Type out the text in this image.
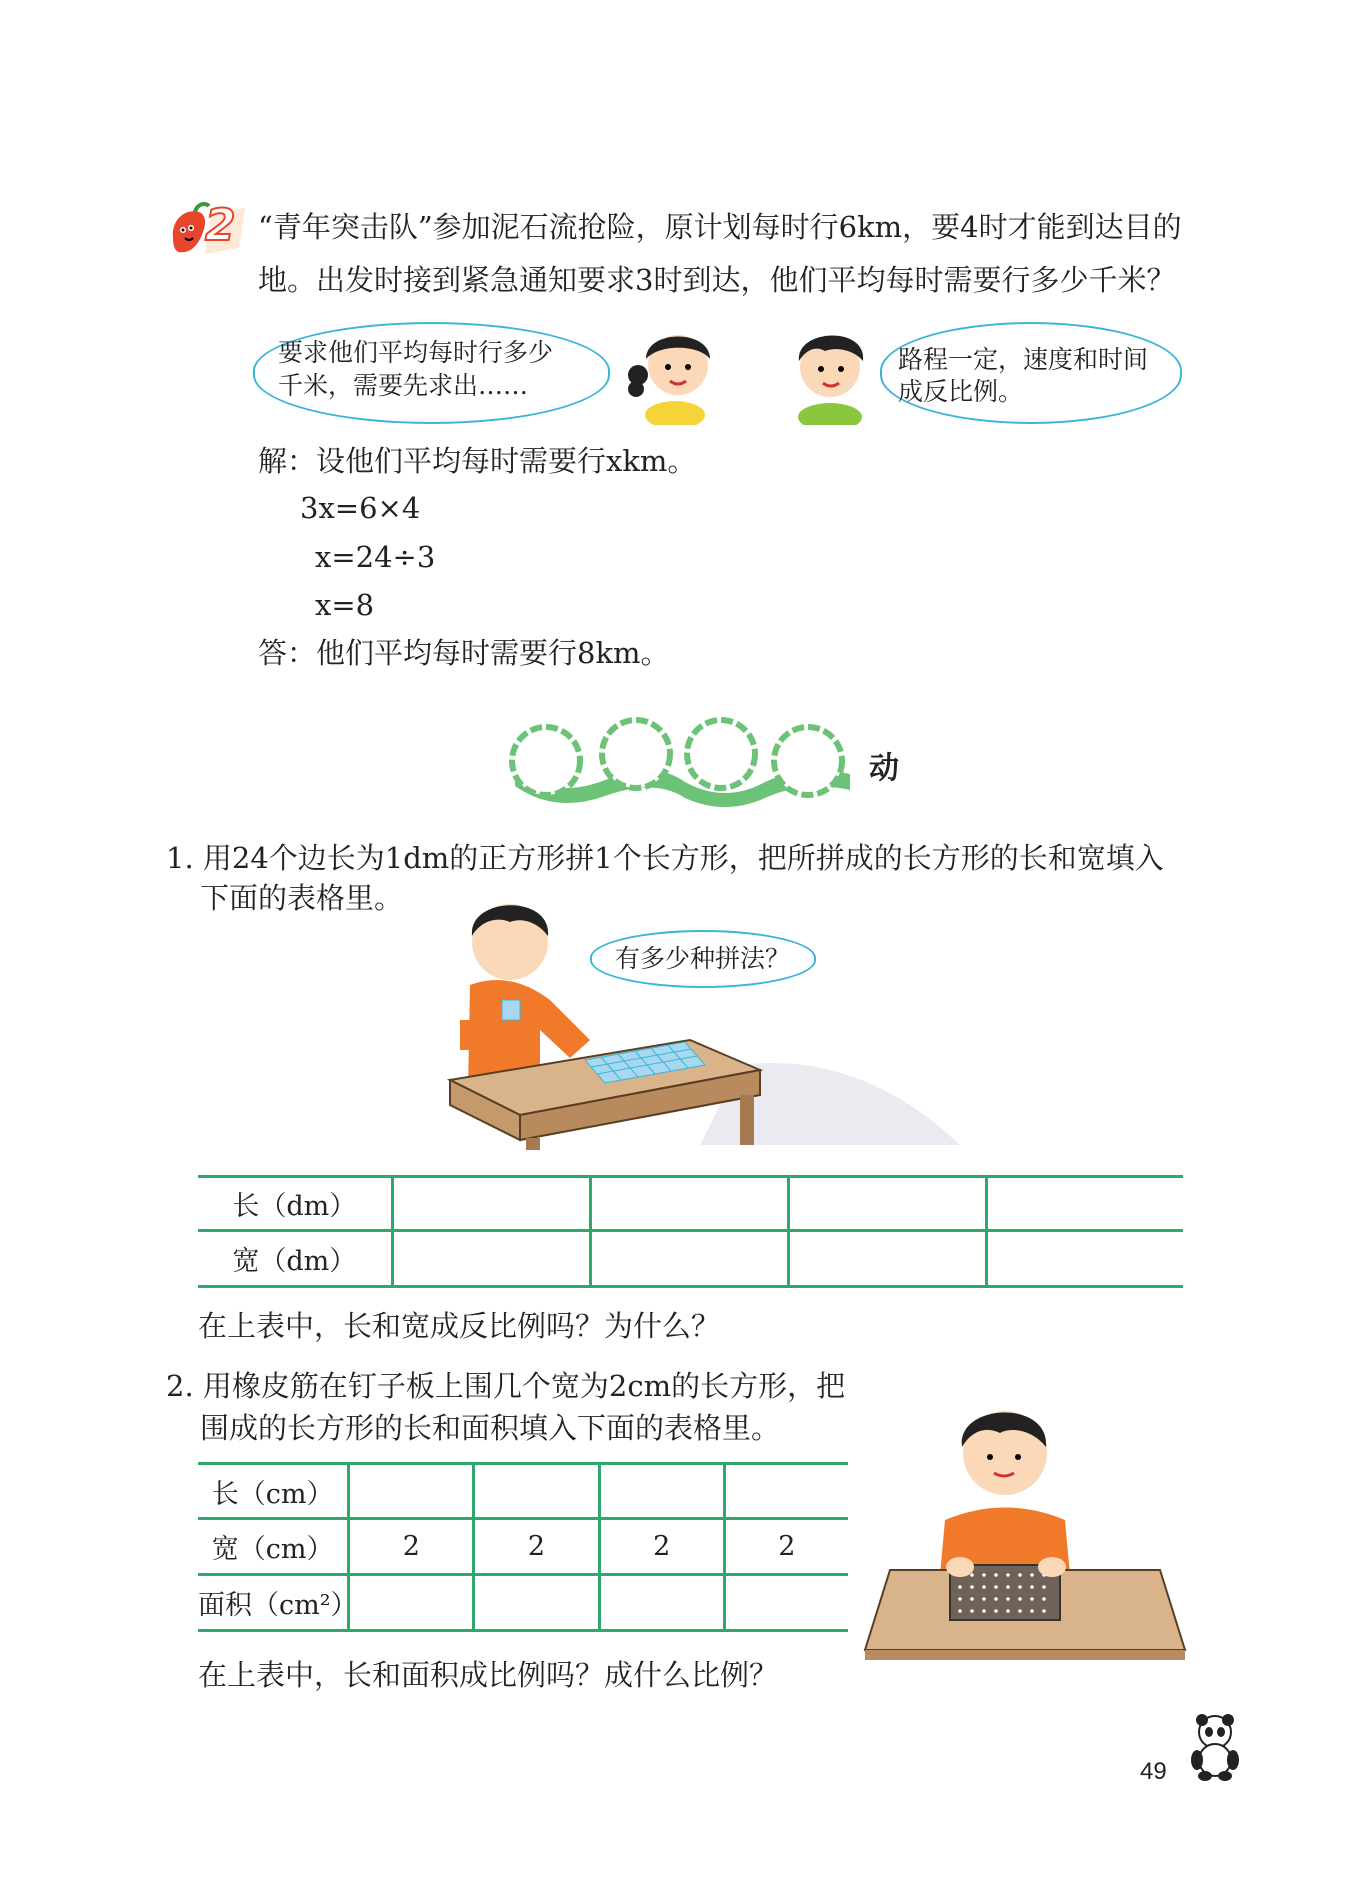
2 “青年突击队”参加泥石流抢险，原计划每时行6km，要4时才能到达目的
地。出发时接到紧急通知要求3时到达，他们平均每时需要行多少千米？
要求他们平均每时行多少
千米，需要先求出……
路程一定，速度和时间
成反比例。
解：设他们平均每时需要行xkm。
3x=6×4
x=24÷3
x=8
答：他们平均每时需要行8km。
动
1. 用24个边长为1dm的正方形拼1个长方形，把所拼成的长方形的长和宽填入
下面的表格里。
有多少种拼法？
长（dm）				
宽（dm）				
在上表中，长和宽成反比例吗？为什么？
2. 用橡皮筋在钉子板上围几个宽为2cm的长方形，把
围成的长方形的长和面积填入下面的表格里。
长（cm）				
宽（cm）	2	2	2	2
面积（cm²）				
在上表中，长和面积成比例吗？成什么比例？
49
